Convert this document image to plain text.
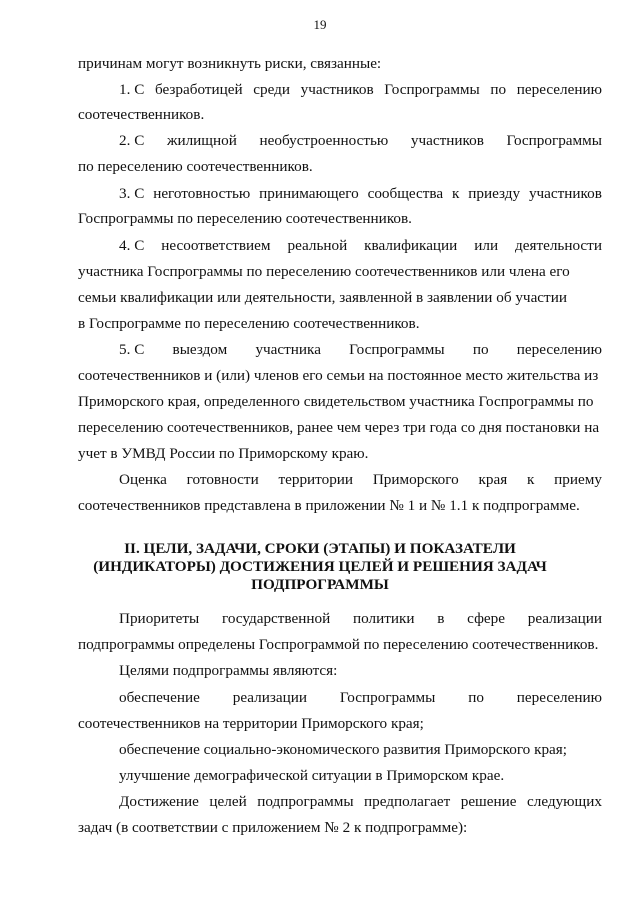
19
причинам могут возникнуть риски, связанные:
1. С безработицей среди участников Госпрограммы по переселению
соотечественников.
2. С жилищной необустроенностью участников Госпрограммы
по переселению соотечественников.
3. С неготовностью принимающего сообщества к приезду участников
Госпрограммы по переселению соотечественников.
4. С несоответствием реальной квалификации или деятельности
участника Госпрограммы по переселению соотечественников или члена его
семьи квалификации или деятельности, заявленной в заявлении об участии
в Госпрограмме по переселению соотечественников.
5. С выездом участника Госпрограммы по переселению
соотечественников и (или) членов его семьи на постоянное место жительства из
Приморского края, определенного свидетельством участника Госпрограммы по
переселению соотечественников, ранее чем через три года со дня постановки на
учет в УМВД России по Приморскому краю.
Оценка готовности территории Приморского края к приему
соотечественников представлена в приложении № 1 и № 1.1 к подпрограмме.
II. ЦЕЛИ, ЗАДАЧИ, СРОКИ (ЭТАПЫ) И ПОКАЗАТЕЛИ
(ИНДИКАТОРЫ) ДОСТИЖЕНИЯ ЦЕЛЕЙ И РЕШЕНИЯ ЗАДАЧ
ПОДПРОГРАММЫ
Приоритеты государственной политики в сфере реализации
подпрограммы определены Госпрограммой по переселению соотечественников.
Целями подпрограммы являются:
обеспечение реализации Госпрограммы по переселению
соотечественников на территории Приморского края;
обеспечение социально-экономического развития Приморского края;
улучшение демографической ситуации в Приморском крае.
Достижение целей подпрограммы предполагает решение следующих
задач (в соответствии с приложением № 2 к подпрограмме):
